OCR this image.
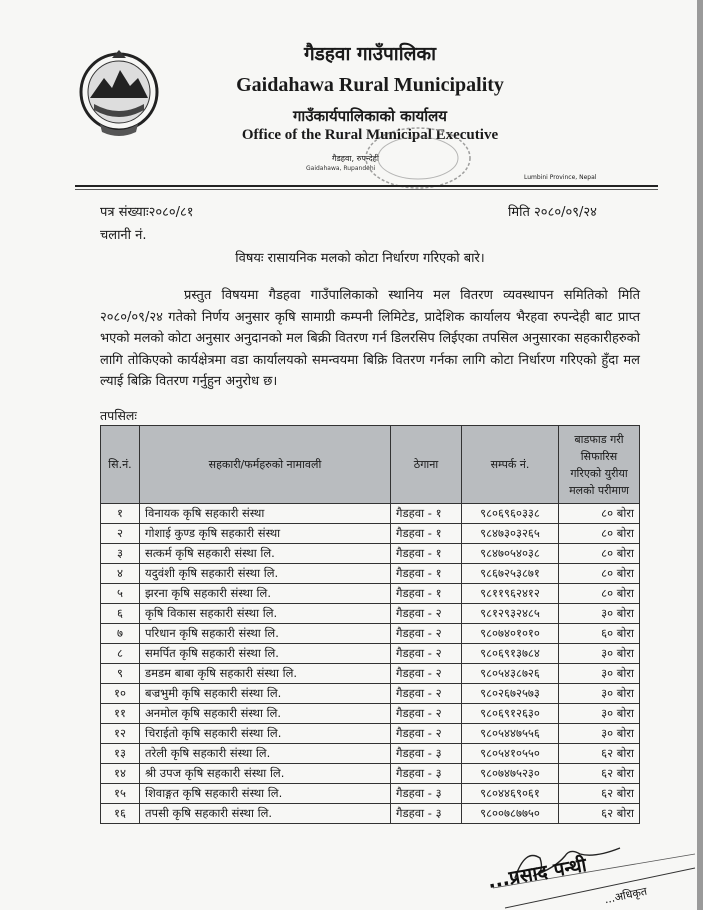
गैडहवा गाउँपालिका
Gaidahawa Rural Municipality
गाउँकार्यपालिकाको कार्यालय
Office of the Rural Municipal Executive
गैडहवा, रुपन्देही
Gaidahawa, Rupandehi
Lumbini Province, Nepal
पत्र संख्याः२०८०/८१	मिति २०८०/०९/२४
चलानी नं.
विषयः रासायनिक मलको कोटा निर्धारण गरिएको बारे।
प्रस्तुत विषयमा गैडहवा गाउँपालिकाको स्थानिय मल वितरण व्यवस्थापन समितिको मिति २०८०/०९/२४ गतेको निर्णय अनुसार कृषि सामाग्री कम्पनी लिमिटेड, प्रादेशिक कार्यालय भैरहवा रुपन्देही बाट प्राप्त भएको मलको कोटा अनुसार अनुदानको मल बिक्री वितरण गर्न डिलरसिप लिईएका तपसिल अनुसारका सहकारीहरुको लागि तोकिएको कार्यक्षेत्रमा वडा कार्यालयको समन्वयमा बिक्रि वितरण गर्नका लागि कोटा निर्धारण गरिएको हुँदा मल ल्याई बिक्रि वितरण गर्नुहुन अनुरोध छ।
तपसिलः
सि.नं.	सहकारी/फर्महरुको नामावली	ठेगाना	सम्पर्क नं.	बाडफाड गरी सिफारिस गरिएको युरीया मलको परीमाण
१	विनायक कृषि सहकारी संस्था	गैडहवा - १	९८०६९६०३३८	८० बोरा
२	गोशाई कुण्ड कृषि सहकारी संस्था	गैडहवा - १	९८४७३०३२६५	८० बोरा
३	सत्कर्म कृषि सहकारी संस्था लि.	गैडहवा - १	९८४७०५४०३८	८० बोरा
४	यदुवंशी कृषि सहकारी संस्था लि.	गैडहवा - १	९८६७२५३८७१	८० बोरा
५	झरना कृषि सहकारी संस्था लि.	गैडहवा - १	९८११९६२४१२	८० बोरा
६	कृषि विकास सहकारी संस्था लि.	गैडहवा - २	९८१२९३२४८५	३० बोरा
७	परिधान कृषि सहकारी संस्था लि.	गैडहवा - २	९८०७४०१०१०	६० बोरा
८	समर्पित कृषि सहकारी संस्था लि.	गैडहवा - २	९८०६९१३७८४	३० बोरा
९	डमडम बाबा कृषि सहकारी संस्था लि.	गैडहवा - २	९८०५४३८७२६	३० बोरा
१०	बज्रभुमी कृषि सहकारी संस्था लि.	गैडहवा - २	९८०२६७२५७३	३० बोरा
११	अनमोल कृषि सहकारी संस्था लि.	गैडहवा - २	९८०६९१२६३०	३० बोरा
१२	चिराईतो कृषि सहकारी संस्था लि.	गैडहवा - २	९८०५४४७५५६	३० बोरा
१३	तरेली कृषि सहकारी संस्था लि.	गैडहवा - ३	९८०५४१०५५०	६२ बोरा
१४	श्री उपज कृषि सहकारी संस्था लि.	गैडहवा - ३	९८०७४७५२३०	६२ बोरा
१५	शिवाङ्गत कृषि सहकारी संस्था लि.	गैडहवा - ३	९८०४४६९०६१	६२ बोरा
१६	तपसी कृषि सहकारी संस्था लि.	गैडहवा - ३	९८००७८७७५०	६२ बोरा
...प्रसाद पन्थी
...अधिकृत
